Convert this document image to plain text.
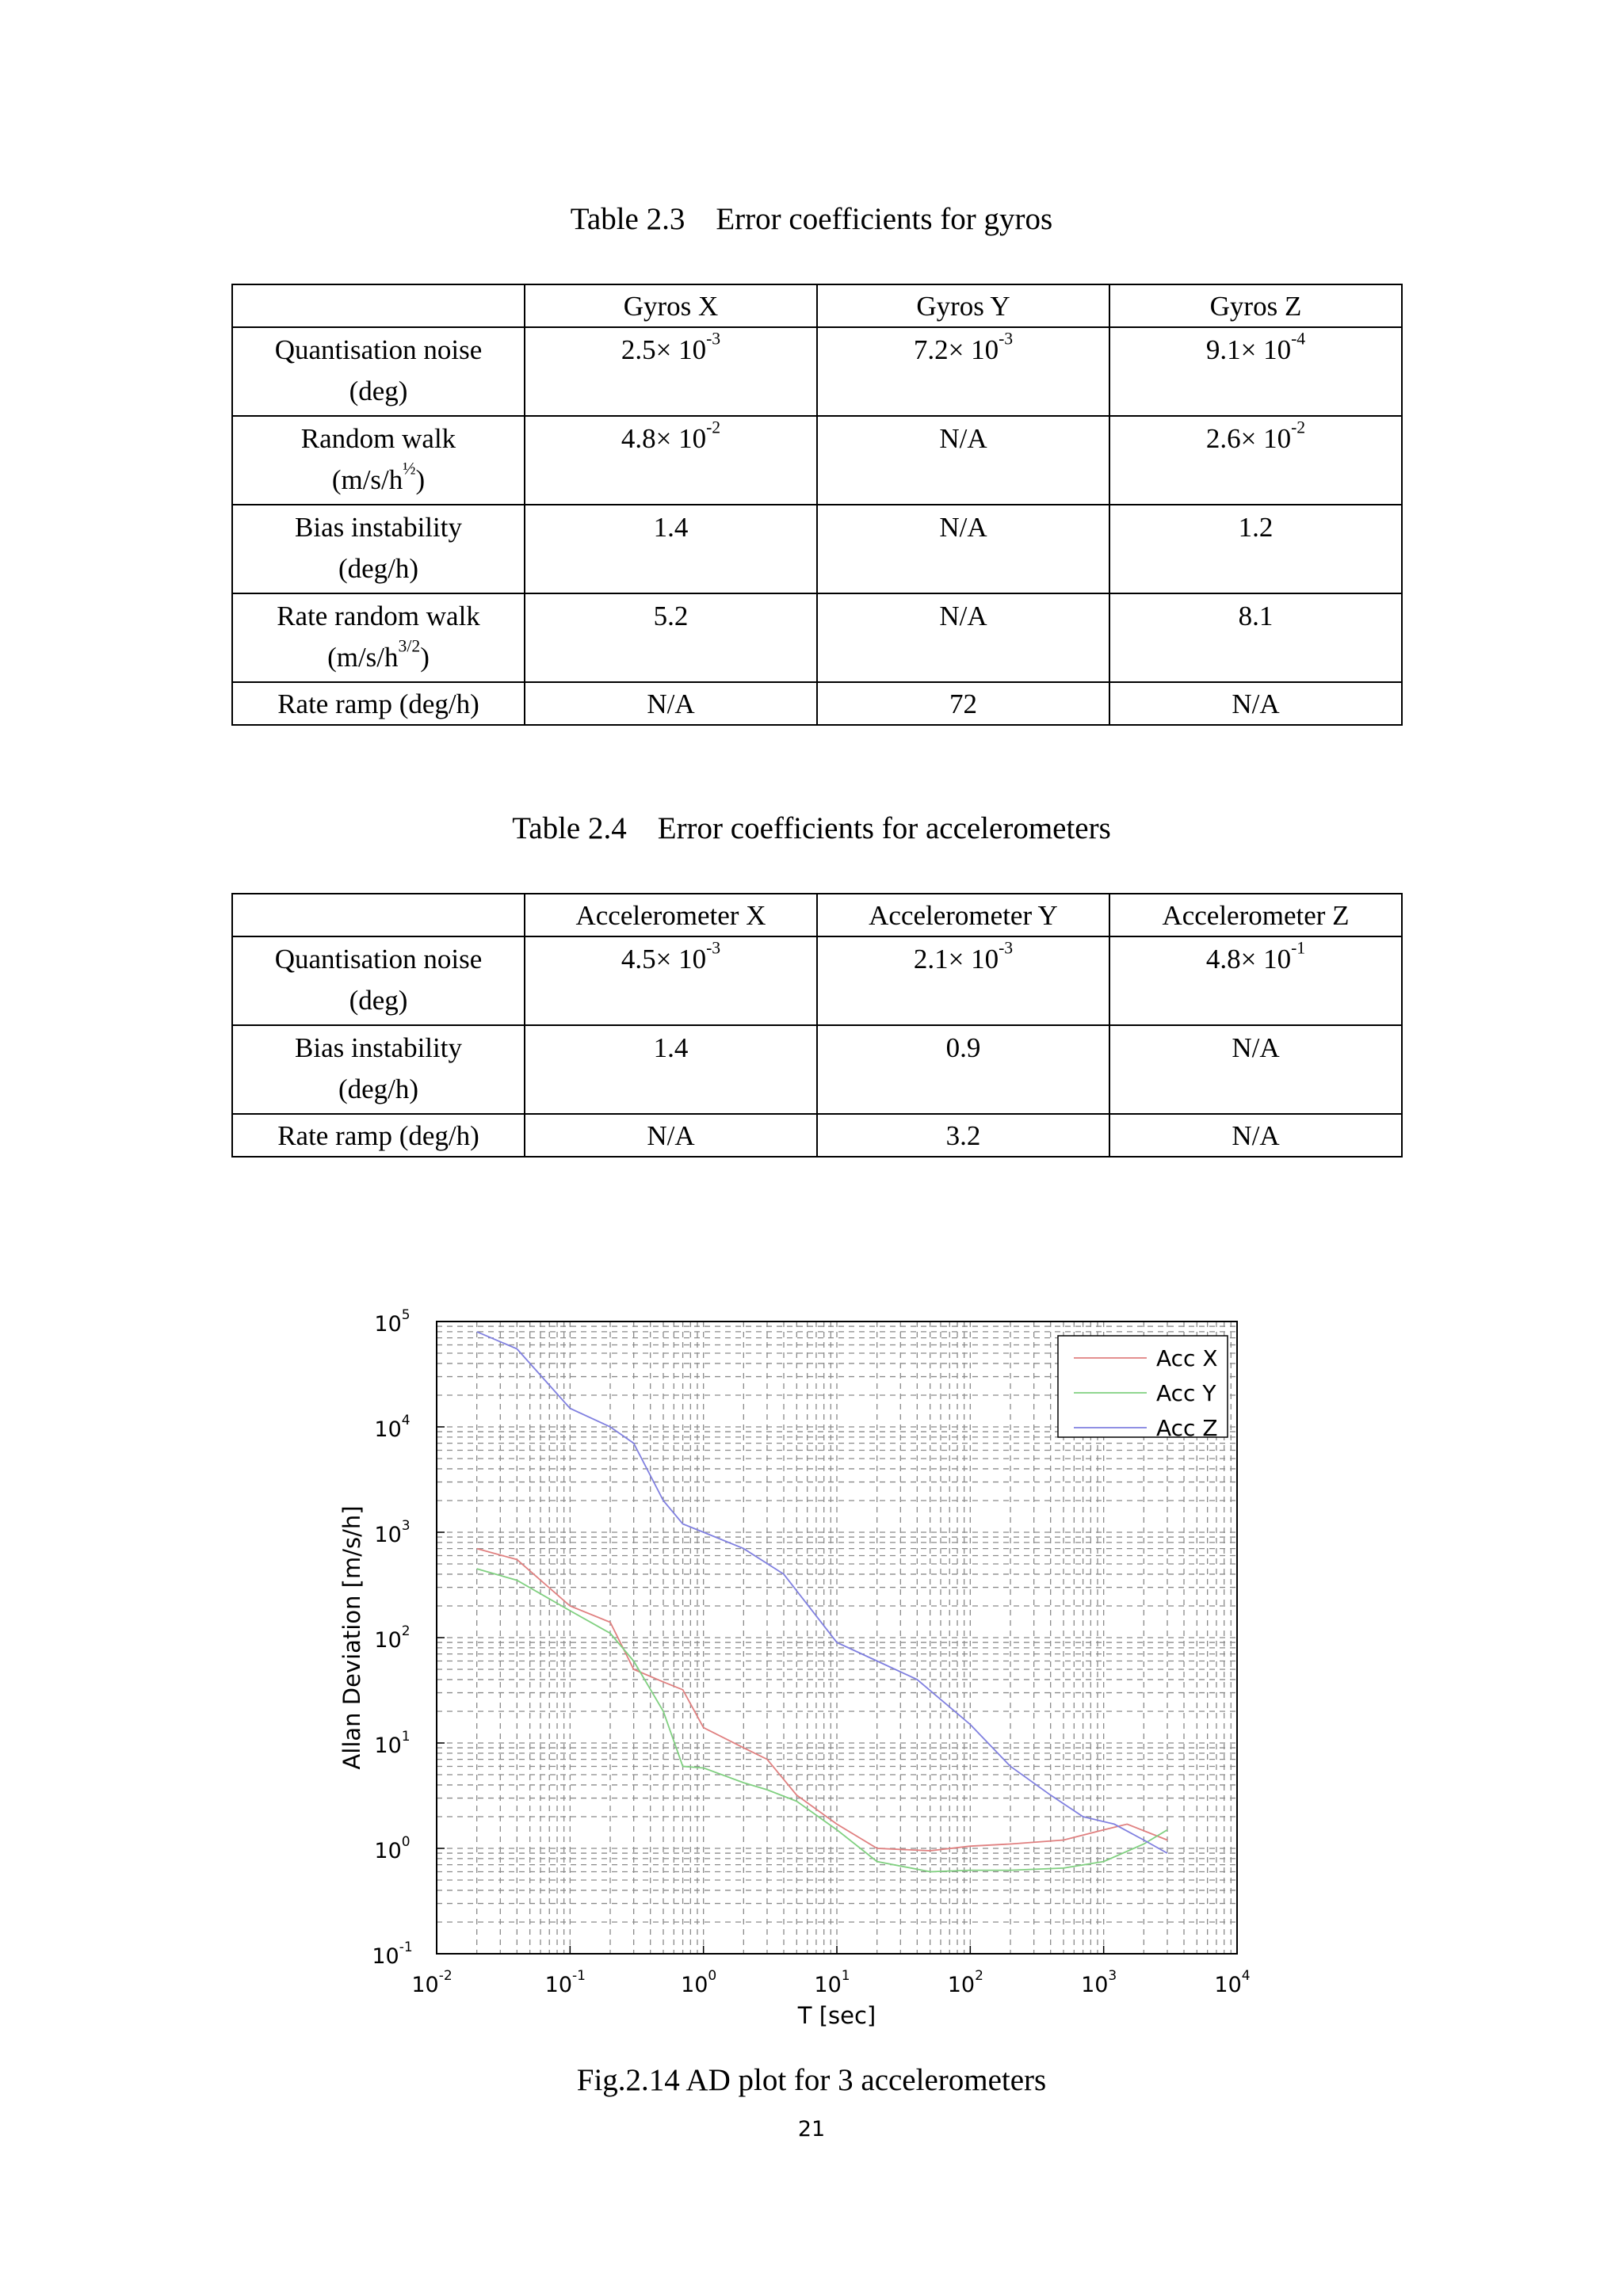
Table 2.3 Error coefficients for gyros
	Gyros X	Gyros Y	Gyros Z

Quantisation noise
(deg)	$2.5\times 10^{-3}$	$7.2\times 10^{-3}$	$9.1\times 10^{-4}$

Random walk
$(m/s/h^{\frac{1}{2}})$	$4.8\times 10^{-2}$	N/A	$2.6\times 10^{-2}$

Bias instability
(deg/h)	1.4	N/A	1.2

Rate random walk
$(m/s/h^{3/2})$	5.2	N/A	8.1

Rate ramp (deg/h)	N/A	72	N/A
Table 2.4 Error coefficients for accelerometers
	Accelerometer X	Accelerometer Y	Accelerometer Z

Quantisation noise
(deg)	$4.5\times 10^{-3}$	$2.1\times 10^{-3}$	$4.8\times 10^{-1}$

Bias instability
(deg/h)	1.4	0.9	N/A

Rate ramp (deg/h)	N/A	3.2	N/A
$10^{-2}$	$10^{-1}$	$10^0$	$10^1$	$10^2$	$10^3$	$10^4$
$10^{-1}$
$10^0$
$10^1$
$10^2$
$10^3$
$10^4$
$10^5$
T [sec]
Allan Deviation [m/s/h]
Acc X
Acc Y
Acc Z
Fig.2.14 AD plot for 3 accelerometers
21
